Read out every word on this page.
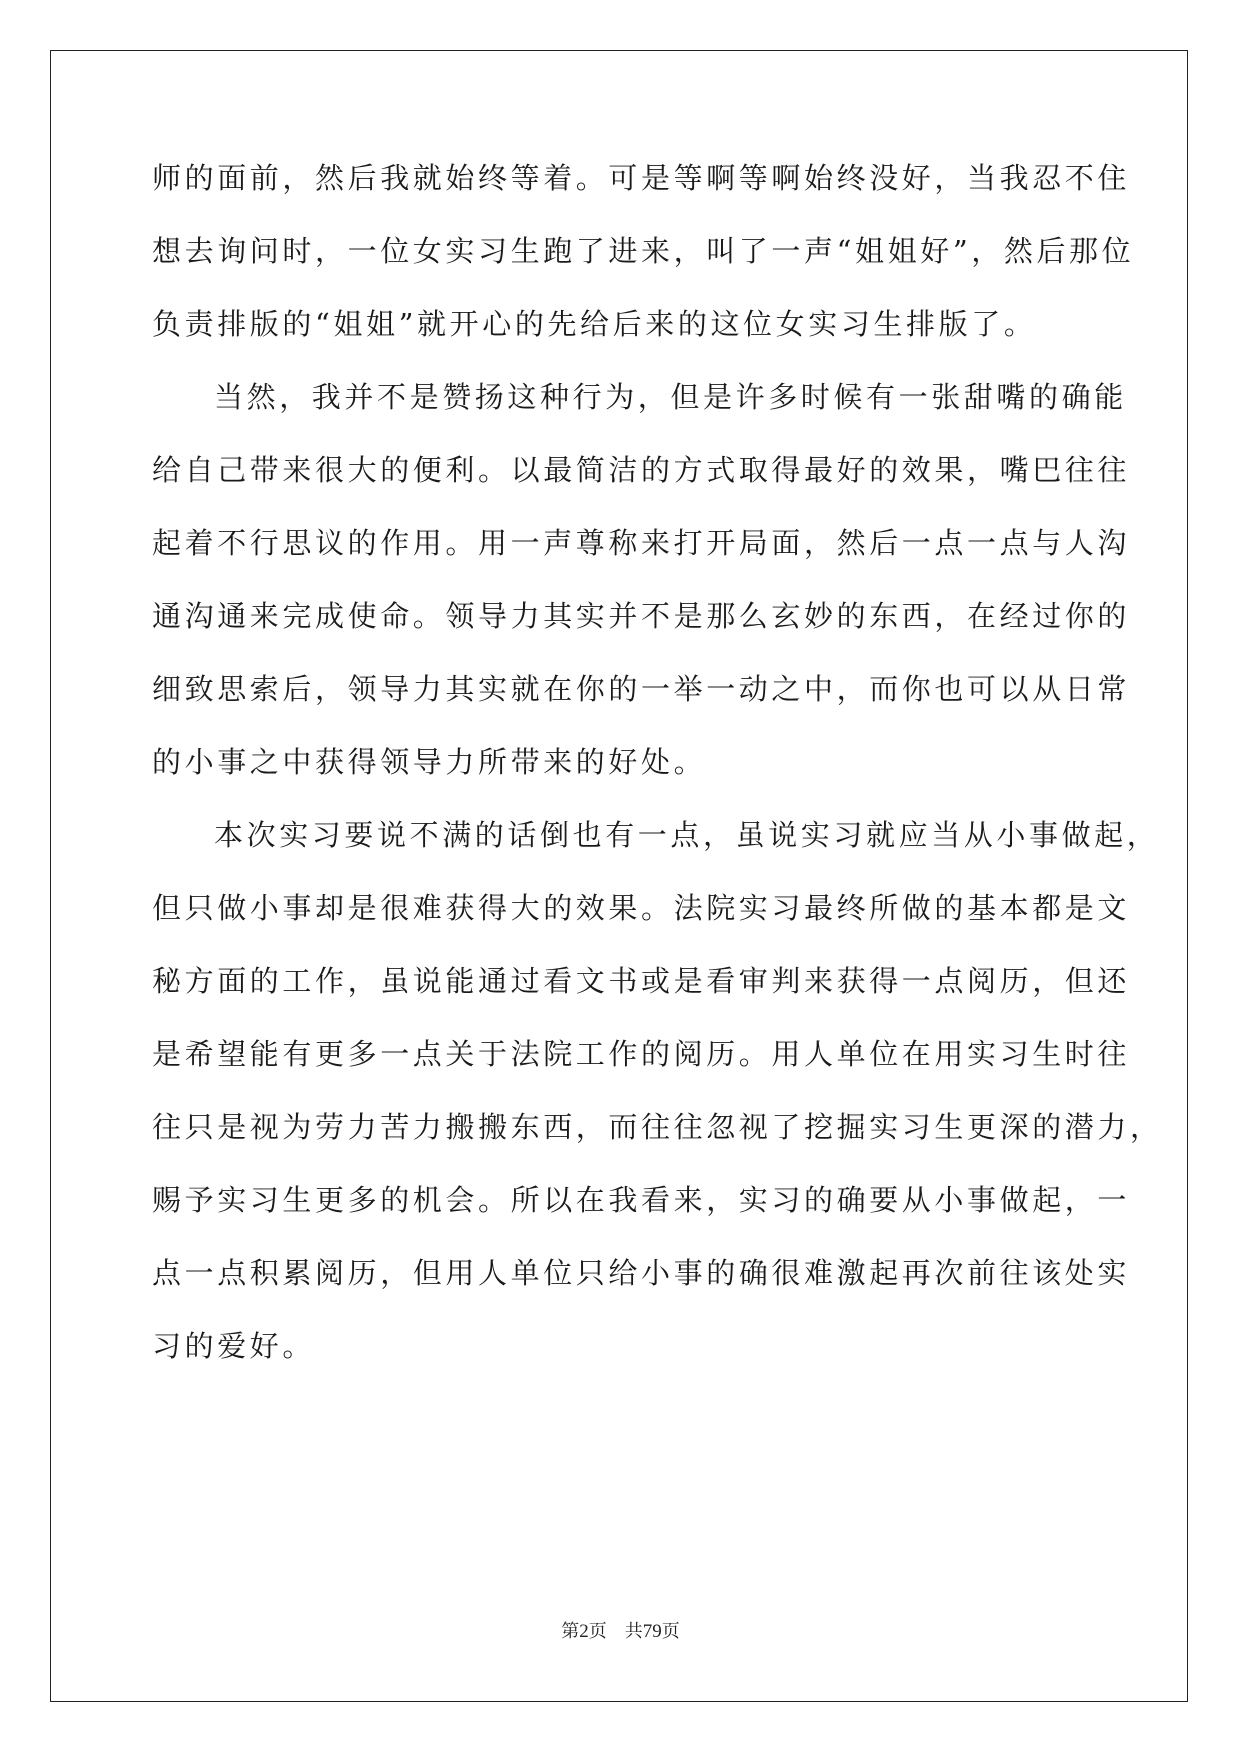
师的面前，然后我就始终等着。可是等啊等啊始终没好，当我忍不住
想去询问时，一位女实习生跑了进来，叫了一声“姐姐好”，然后那位
负责排版的“姐姐”就开心的先给后来的这位女实习生排版了。
当然，我并不是赞扬这种行为，但是许多时候有一张甜嘴的确能
给自己带来很大的便利。以最简洁的方式取得最好的效果，嘴巴往往
起着不行思议的作用。用一声尊称来打开局面，然后一点一点与人沟
通沟通来完成使命。领导力其实并不是那么玄妙的东西，在经过你的
细致思索后，领导力其实就在你的一举一动之中，而你也可以从日常
的小事之中获得领导力所带来的好处。
本次实习要说不满的话倒也有一点，虽说实习就应当从小事做起，
但只做小事却是很难获得大的效果。法院实习最终所做的基本都是文
秘方面的工作，虽说能通过看文书或是看审判来获得一点阅历，但还
是希望能有更多一点关于法院工作的阅历。用人单位在用实习生时往
往只是视为劳力苦力搬搬东西，而往往忽视了挖掘实习生更深的潜力，
赐予实习生更多的机会。所以在我看来，实习的确要从小事做起，一
点一点积累阅历，但用人单位只给小事的确很难激起再次前往该处实
习的爱好。
第2页 共79页
